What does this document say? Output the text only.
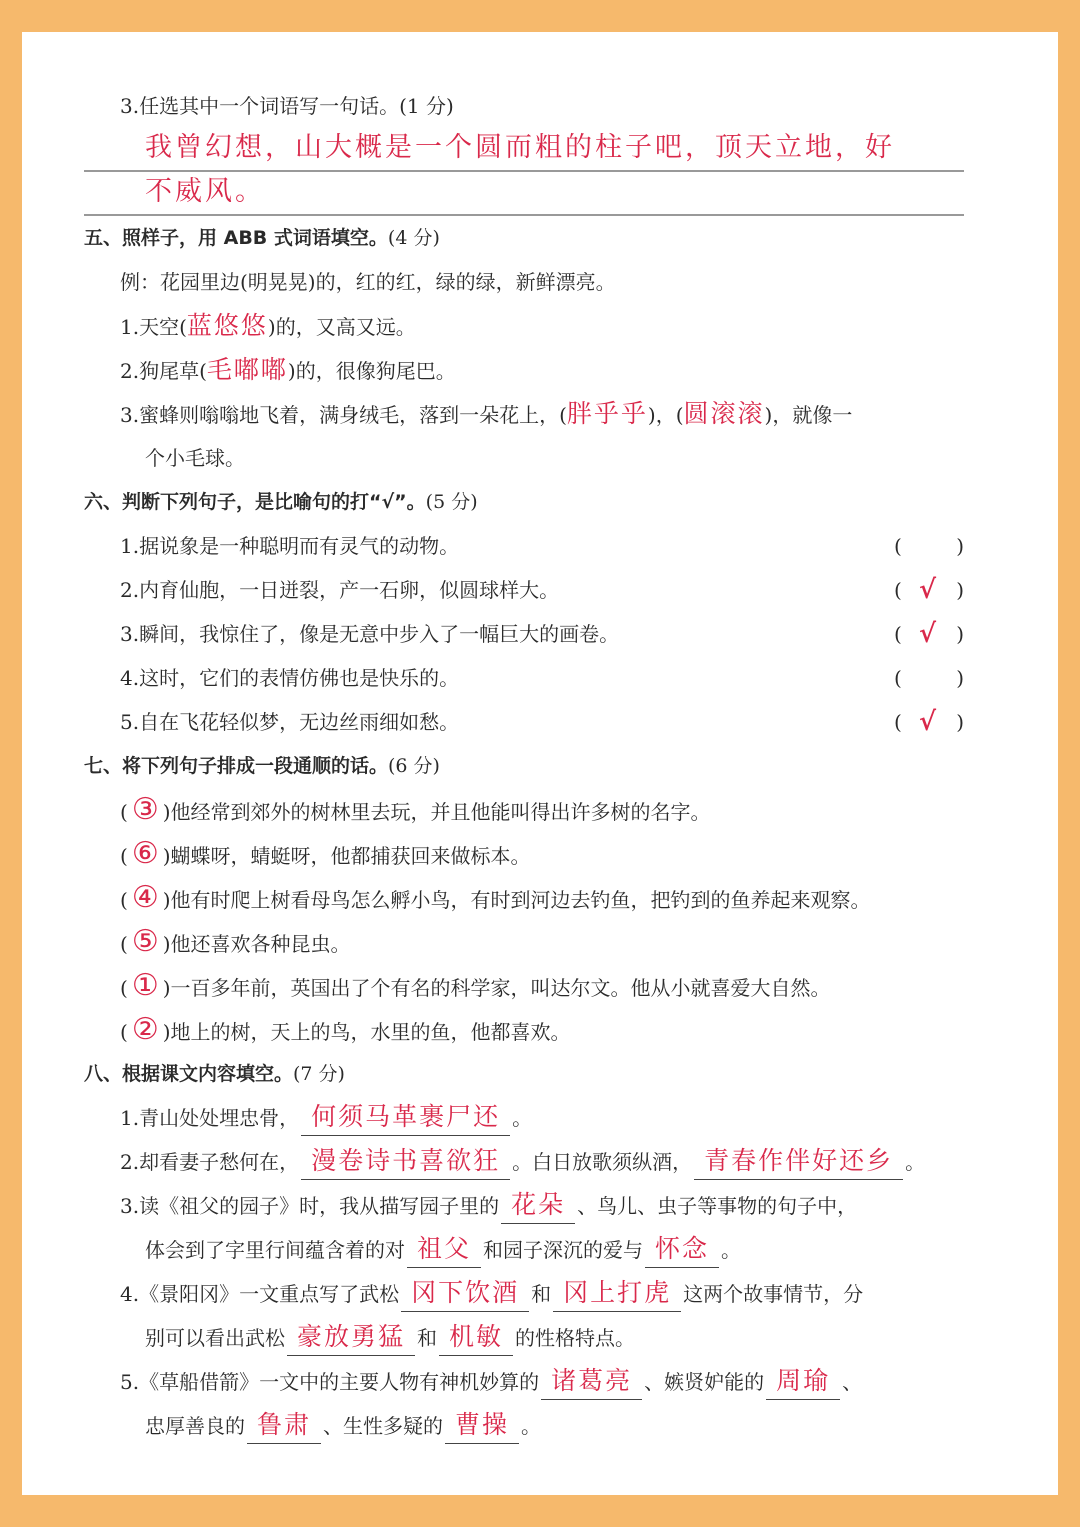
3.任选其中一个词语写一句话。(1 分)
我曾幻想，山大概是一个圆而粗的柱子吧，顶天立地，好
不威风。
五、照样子，用 ABB 式词语填空。(4 分)
例：花园里边(明晃晃)的，红的红，绿的绿，新鲜漂亮。
1.天空(蓝悠悠)的，又高又远。
2.狗尾草(毛嘟嘟)的，很像狗尾巴。
3.蜜蜂则嗡嗡地飞着，满身绒毛，落到一朵花上，(胖乎乎)，(圆滚滚)，就像一
个小毛球。
六、判断下列句子，是比喻句的打“√”。(5 分)
1.据说象是一种聪明而有灵气的动物。	(	)
2.内育仙胞，一日迸裂，产一石卵，似圆球样大。	( √ )
3.瞬间，我惊住了，像是无意中步入了一幅巨大的画卷。	( √ )
4.这时，它们的表情仿佛也是快乐的。	(	)
5.自在飞花轻似梦，无边丝雨细如愁。	( √ )
七、将下列句子排成一段通顺的话。(6 分)
( ③ )他经常到郊外的树林里去玩，并且他能叫得出许多树的名字。
( ⑥ )蝴蝶呀，蜻蜓呀，他都捕获回来做标本。
( ④ )他有时爬上树看母鸟怎么孵小鸟，有时到河边去钓鱼，把钓到的鱼养起来观察。
( ⑤ )他还喜欢各种昆虫。
( ① )一百多年前，英国出了个有名的科学家，叫达尔文。他从小就喜爱大自然。
( ② )地上的树，天上的鸟，水里的鱼，他都喜欢。
八、根据课文内容填空。(7 分)
1.青山处处埋忠骨， 何须马革裹尸还 。
2.却看妻子愁何在， 漫卷诗书喜欲狂 。白日放歌须纵酒， 青春作伴好还乡 。
3.读《祖父的园子》时，我从描写园子里的 花朵 、鸟儿、虫子等事物的句子中，
体会到了字里行间蕴含着的对 祖父 和园子深沉的爱与 怀念 。
4.《景阳冈》一文重点写了武松 冈下饮酒 和 冈上打虎 这两个故事情节，分
别可以看出武松 豪放勇猛 和 机敏 的性格特点。
5.《草船借箭》一文中的主要人物有神机妙算的 诸葛亮 、嫉贤妒能的 周瑜 、
忠厚善良的 鲁肃 、生性多疑的 曹操 。
